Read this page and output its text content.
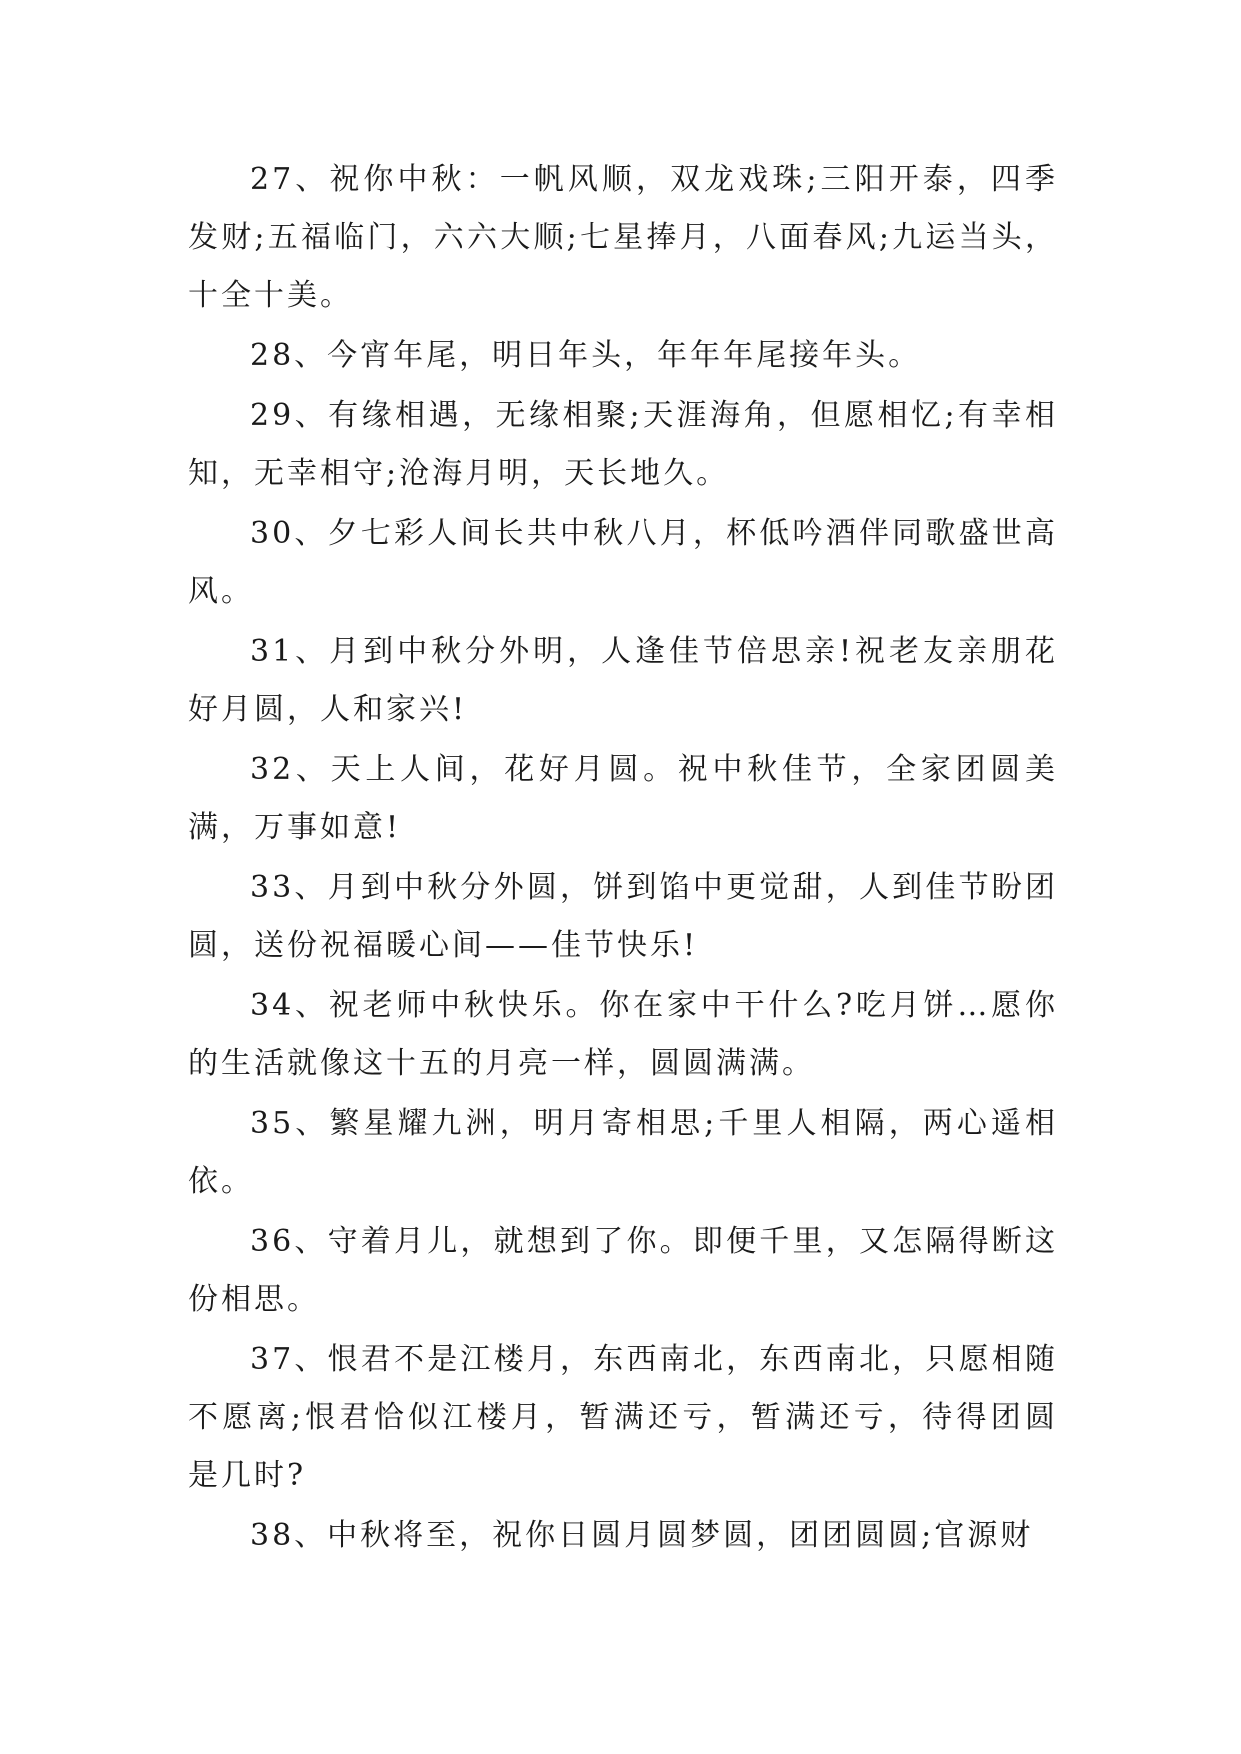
27、祝你中秋：一帆风顺，双龙戏珠;三阳开泰，四季发财;五福临门，六六大顺;七星捧月，八面春风;九运当头，十全十美。

28、今宵年尾，明日年头，年年年尾接年头。

29、有缘相遇，无缘相聚;天涯海角，但愿相忆;有幸相知，无幸相守;沧海月明，天长地久。

30、夕七彩人间长共中秋八月，杯低吟酒伴同歌盛世高风。

31、月到中秋分外明，人逢佳节倍思亲!祝老友亲朋花好月圆，人和家兴!

32、天上人间，花好月圆。祝中秋佳节，全家团圆美满，万事如意!

33、月到中秋分外圆，饼到馅中更觉甜，人到佳节盼团圆，送份祝福暖心间——佳节快乐!

34、祝老师中秋快乐。你在家中干什么?吃月饼…愿你的生活就像这十五的月亮一样，圆圆满满。

35、繁星耀九洲，明月寄相思;千里人相隔，两心遥相依。

36、守着月儿，就想到了你。即便千里，又怎隔得断这份相思。

37、恨君不是江楼月，东西南北，东西南北，只愿相随不愿离;恨君恰似江楼月，暂满还亏，暂满还亏，待得团圆是几时?

38、中秋将至，祝你日圆月圆梦圆，团团圆圆;官源财
